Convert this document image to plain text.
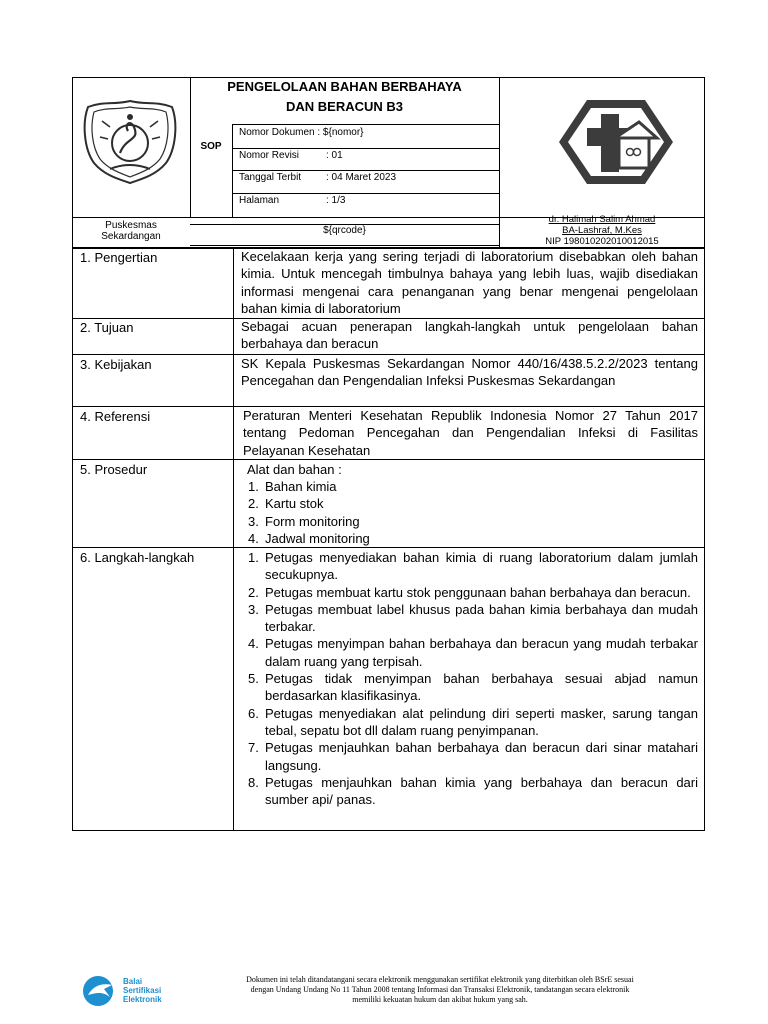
PENGELOLAAN BAHAN BERBAHAYA
DAN BERACUN B3
SOP
Nomor Dokumen : ${nomor}
Nomor Revisi	: 01
Tanggal Terbit : 04 Maret 2023
Halaman	: 1/3
Puskesmas
Sekardangan
${qrcode}
dr. Halimah Salim Ahmad
BA-Lashraf, M.Kes
NIP 198010202010012015
1. Pengertian	Kecelakaan kerja yang sering terjadi di laboratorium disebabkan oleh bahan kimia. Untuk mencegah timbulnya bahaya yang lebih luas, wajib disediakan informasi mengenai cara penanganan yang benar mengenai pengelolaan bahan kimia di laboratorium
2. Tujuan	Sebagai acuan penerapan langkah-langkah untuk pengelolaan bahan berbahaya dan beracun
3. Kebijakan	SK Kepala Puskesmas Sekardangan Nomor 440/16/438.5.2.2/2023 tentang Pencegahan dan Pengendalian Infeksi Puskesmas Sekardangan
4. Referensi	Peraturan Menteri Kesehatan Republik Indonesia Nomor 27 Tahun 2017 tentang Pedoman Pencegahan dan Pengendalian Infeksi di Fasilitas Pelayanan Kesehatan
5. Prosedur	Alat dan bahan :
1. Bahan kimia
2. Kartu stok
3. Form monitoring
4. Jadwal monitoring
6. Langkah-langkah	1. Petugas menyediakan bahan kimia di ruang laboratorium dalam jumlah secukupnya.
2. Petugas membuat kartu stok penggunaan bahan berbahaya dan beracun.
3. Petugas membuat label khusus pada bahan kimia berbahaya dan mudah terbakar.
4. Petugas menyimpan bahan berbahaya dan beracun yang mudah terbakar dalam ruang yang terpisah.
5. Petugas tidak menyimpan bahan berbahaya sesuai abjad namun berdasarkan klasifikasinya.
6. Petugas menyediakan alat pelindung diri seperti masker, sarung tangan tebal, sepatu bot dll dalam ruang penyimpanan.
7. Petugas menjauhkan bahan berbahaya dan beracun dari sinar matahari langsung.
8. Petugas menjauhkan bahan kimia yang berbahaya dan beracun dari sumber api/ panas.
Balai
Sertifikasi
Elektronik
Dokumen ini telah ditandatangani secara elektronik menggunakan sertifikat elektronik yang diterbitkan oleh BSrE sesuai
dengan Undang Undang No 11 Tahun 2008 tentang Informasi dan Transaksi Elektronik, tandatangan secara elektronik
memiliki kekuatan hukum dan akibat hukum yang sah.
